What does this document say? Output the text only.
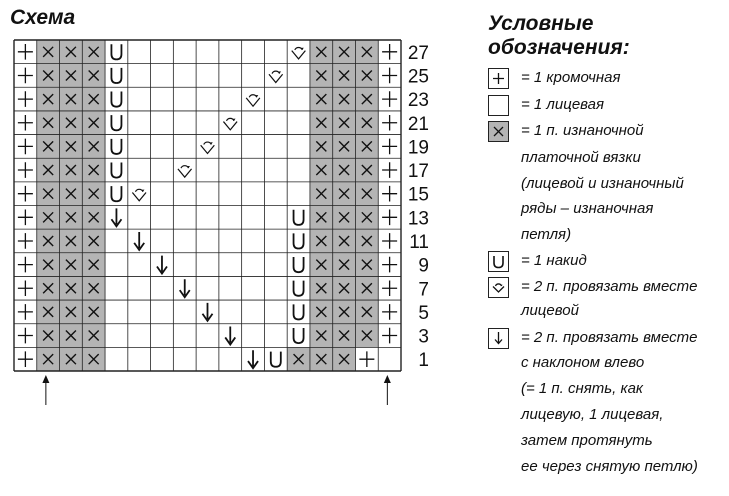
Схема
27
25
23
21
19
17
15
13
11
9
7
5
3
1
Условные
обозначения:
= 1 кромочная
= 1 лицевая
= 1 п. изнаночной
платочной вязки
(лицевой и изнаночный
ряды – изнаночная
петля)
= 1 накид
= 2 п. провязать вместе
лицевой
= 2 п. провязать вместе
с наклоном влево
(= 1 п. снять, как
лицевую, 1 лицевая,
затем протянуть
ее через снятую петлю)
